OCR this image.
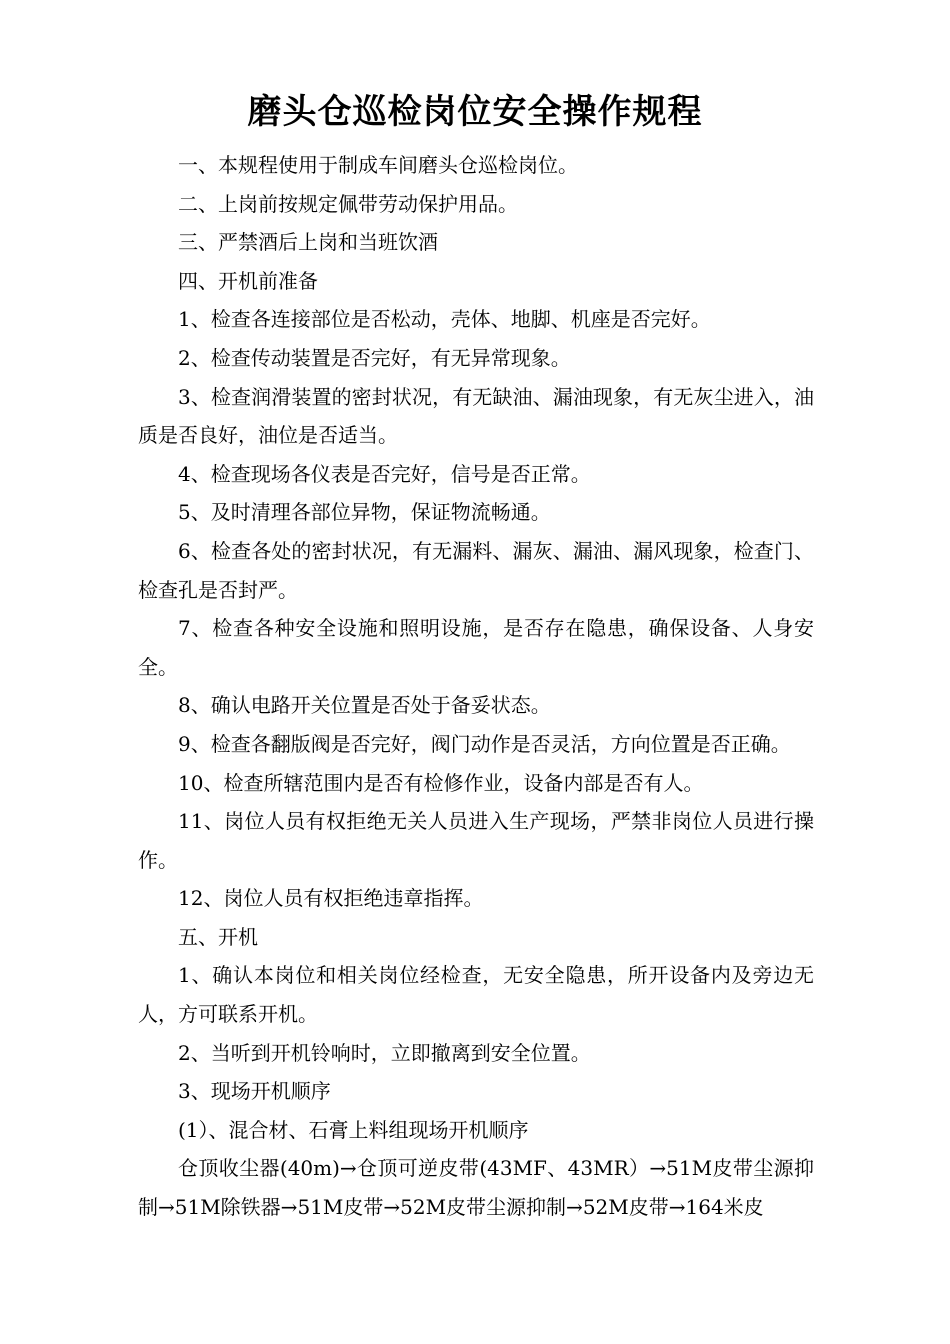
磨头仓巡检岗位安全操作规程

一、本规程使用于制成车间磨头仓巡检岗位。

二、上岗前按规定佩带劳动保护用品。

三、严禁酒后上岗和当班饮酒

四、开机前准备

1、检查各连接部位是否松动，壳体、地脚、机座是否完好。

2、检查传动装置是否完好，有无异常现象。

3、检查润滑装置的密封状况，有无缺油、漏油现象，有无灰尘进入，油质是否良好，油位是否适当。

4、检查现场各仪表是否完好，信号是否正常。

5、及时清理各部位异物，保证物流畅通。

6、检查各处的密封状况，有无漏料、漏灰、漏油、漏风现象，检查门、检查孔是否封严。

7、检查各种安全设施和照明设施，是否存在隐患，确保设备、人身安全。

8、确认电路开关位置是否处于备妥状态。

9、检查各翻版阀是否完好，阀门动作是否灵活，方向位置是否正确。

10、检查所辖范围内是否有检修作业，设备内部是否有人。

11、岗位人员有权拒绝无关人员进入生产现场，严禁非岗位人员进行操作。

12、岗位人员有权拒绝违章指挥。

五、开机

1、确认本岗位和相关岗位经检查，无安全隐患，所开设备内及旁边无人，方可联系开机。

2、当听到开机铃响时，立即撤离到安全位置。

3、现场开机顺序

(1）、混合材、石膏上料组现场开机顺序

仓顶收尘器(40m)→仓顶可逆皮带(43MF、43MR）→51M皮带尘源抑制→51M除铁器→51M皮带→52M皮带尘源抑制→52M皮带→164米皮
